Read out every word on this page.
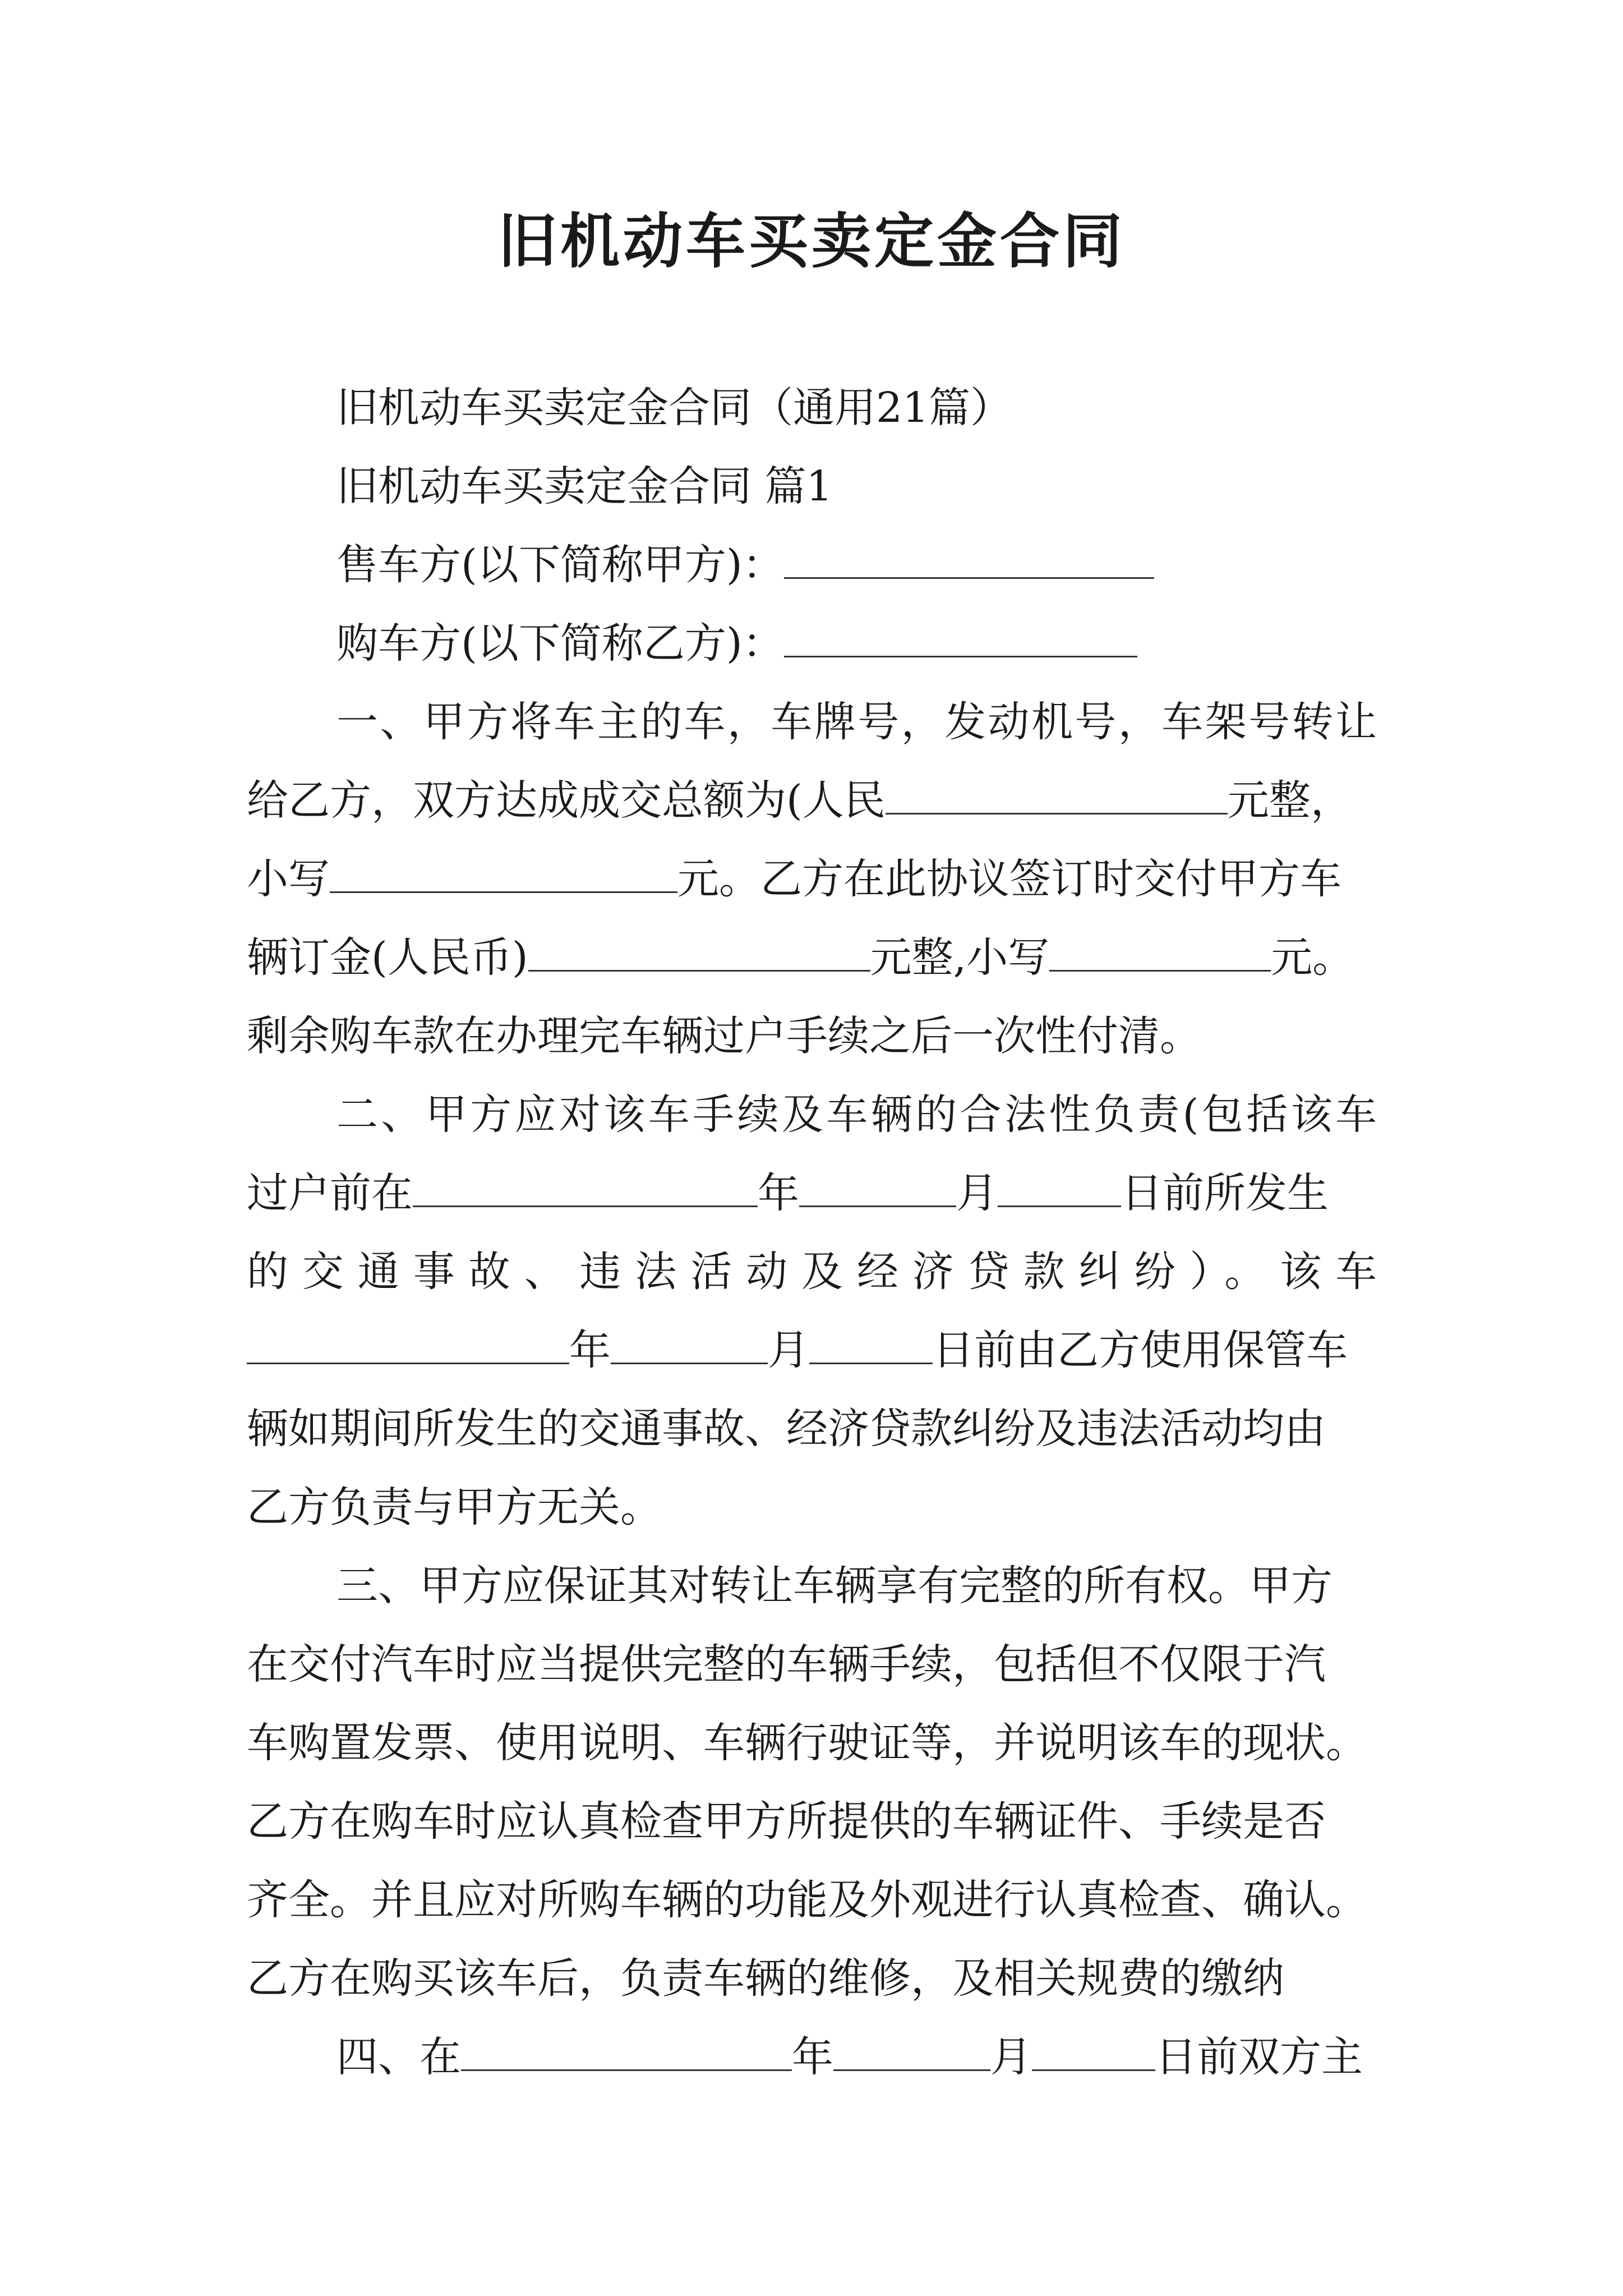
旧机动车买卖定金合同
旧机动车买卖定金合同（通用21篇）
旧机动车买卖定金合同 篇1
售车方(以下简称甲方)：
购车方(以下简称乙方)：
一、甲方将车主的车，车牌号，发动机号，车架号转让
给乙方，双方达成成交总额为(人民	元整，
小写	元。乙方在此协议签订时交付甲方车
辆订金(人民币)	元整,小写	元。
剩余购车款在办理完车辆过户手续之后一次性付清。
二、甲方应对该车手续及车辆的合法性负责(包括该车
过户前在	年	月	日前所发生
的交通事故、违法活动及经济贷款纠纷）。该车
年	月	日前由乙方使用保管车
辆如期间所发生的交通事故、经济贷款纠纷及违法活动均由
乙方负责与甲方无关。
三、甲方应保证其对转让车辆享有完整的所有权。甲方
在交付汽车时应当提供完整的车辆手续，包括但不仅限于汽
车购置发票、使用说明、车辆行驶证等，并说明该车的现状。
乙方在购车时应认真检查甲方所提供的车辆证件、手续是否
齐全。并且应对所购车辆的功能及外观进行认真检查、确认。
乙方在购买该车后，负责车辆的维修，及相关规费的缴纳
四、在	年	月	日前双方主
